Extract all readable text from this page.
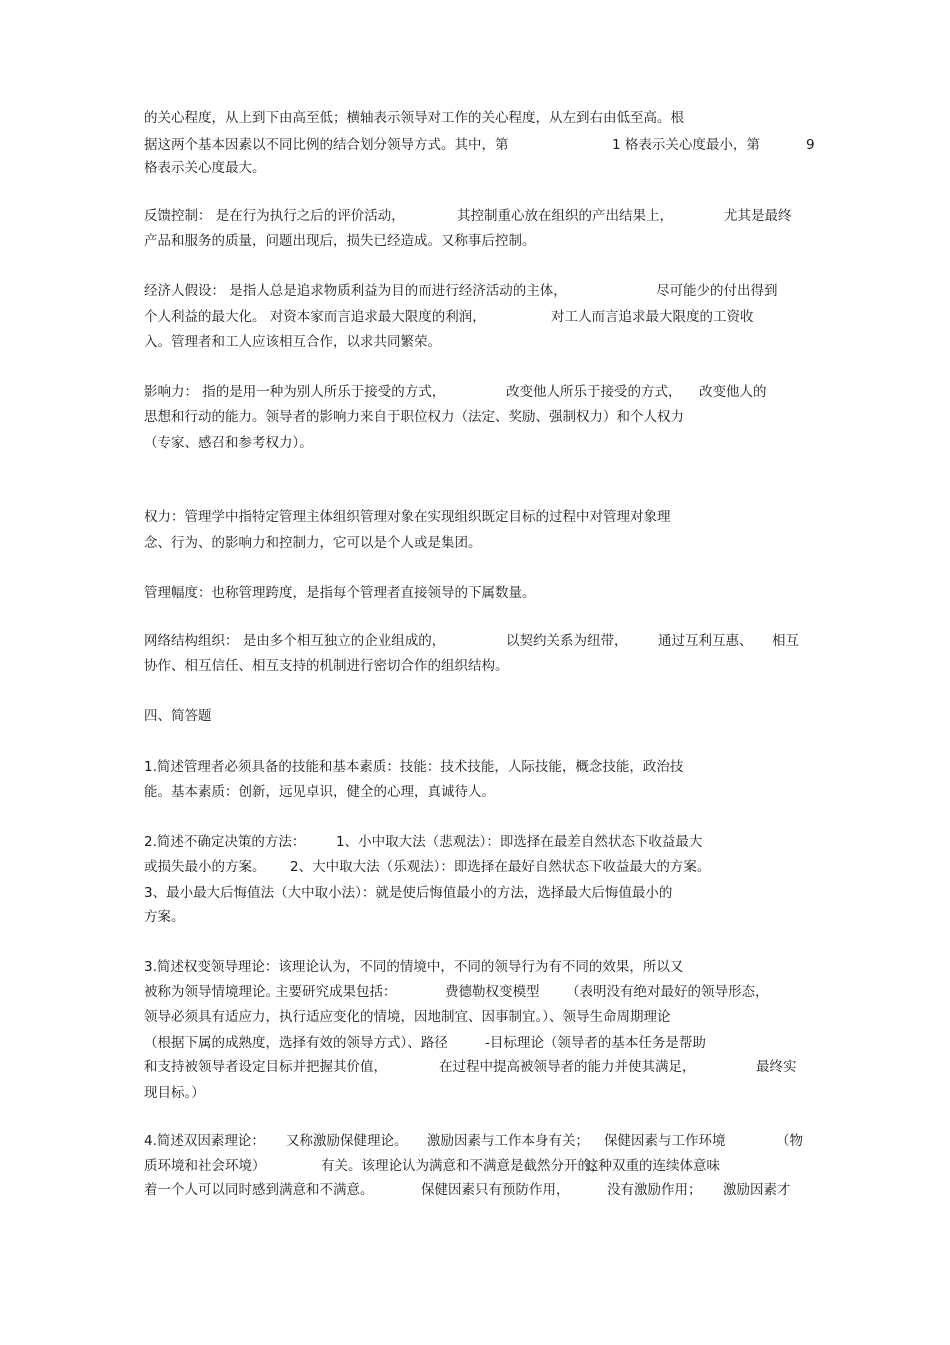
的关心程度，从上到下由高至低；横轴表示领导对工作的关心程度，从左到右由低至高。根
据这两个基本因素以不同比例的结合划分领导方式。其中，第	1 格表示关心度最小，第	9
格表示关心度最大。
反馈控制： 是在行为执行之后的评价活动，	其控制重心放在组织的产出结果上，	尤其是最终
产品和服务的质量，问题出现后，损失已经造成。又称事后控制。
经济人假设： 是指人总是追求物质利益为目的而进行经济活动的主体，	尽可能少的付出得到
个人利益的最大化。 对资本家而言追求最大限度的利润，	对工人而言追求最大限度的工资收
入。管理者和工人应该相互合作，以求共同繁荣。
影响力： 指的是用一种为别人所乐于接受的方式，	改变他人所乐于接受的方式， 改变他人的
思想和行动的能力。领导者的影响力来自于职位权力（法定、奖励、强制权力）和个人权力
（专家、感召和参考权力）。
权力：管理学中指特定管理主体组织管理对象在实现组织既定目标的过程中对管理对象理
念、行为、的影响力和控制力，它可以是个人或是集团。
管理幅度：也称管理跨度，是指每个管理者直接领导的下属数量。
网络结构组织： 是由多个相互独立的企业组成的，	以契约关系为纽带， 通过互利互惠、 相互
协作、相互信任、相互支持的机制进行密切合作的组织结构。
四、简答题
1.简述管理者必须具备的技能和基本素质：技能：技术技能，人际技能，概念技能，政治技
能。基本素质：创新，远见卓识，健全的心理，真诚待人。
2.简述不确定决策的方法： 1、小中取大法（悲观法）：即选择在最差自然状态下收益最大
或损失最小的方案。 2、大中取大法（乐观法）：即选择在最好自然状态下收益最大的方案。
3、最小最大后悔值法（大中取小法）：就是使后悔值最小的方法，选择最大后悔值最小的
方案。
3.简述权变领导理论：该理论认为，不同的情境中，不同的领导行为有不同的效果，所以又
被称为领导情境理论。
主要研究成果包括：	费德勒权变模型 （表明没有绝对最好的领导形态，
领导必须具有适应力，执行适应变化的情境，因地制宜、因事制宜。）、领导生命周期理论
（根据下属的成熟度，选择有效的领导方式）、路径	-目标理论（领导者的基本任务是帮助
和支持被领导者设定目标并把握其价值，	在过程中提高被领导者的能力并使其满足，	最终实
现目标。）
4.简述双因素理论： 又称激励保健理论。 激励因素与工作本身有关； 保健因素与工作环境	（物
质环境和社会环境）	有关。该理论认为满意和不满意是截然分开的，
这种双重的连续体意味
着一个人可以同时感到满意和不满意。	保健因素只有预防作用，	没有激励作用； 激励因素才
